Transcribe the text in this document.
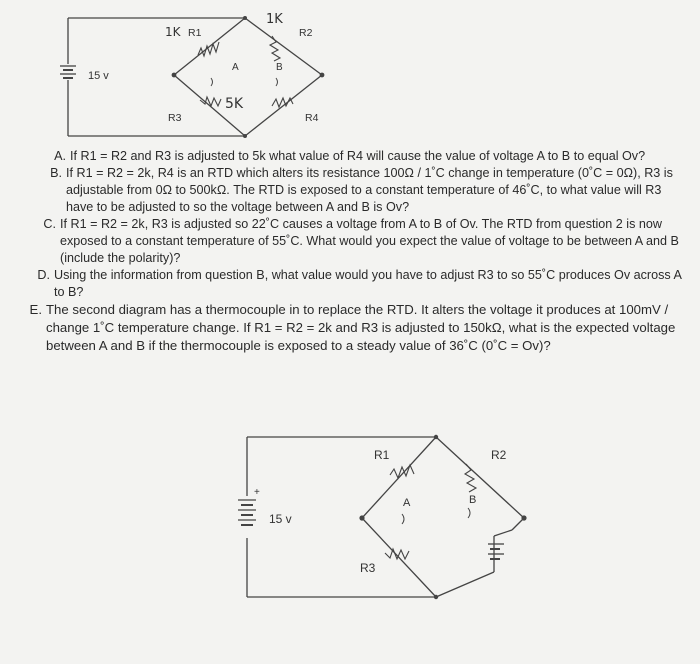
15 v
1K R1
1K
R2
A	B
R3
5K
R4
+
15 v
R1	R2
A	B
R3
A. If R1 = R2 and R3 is adjusted to 5k what value of R4 will cause the value of voltage A to B to equal Ov?
B. If R1 = R2 = 2k, R4 is an RTD which alters its resistance 100Ω / 1˚C change in temperature (0˚C = 0Ω), R3 is adjustable from 0Ω to 500kΩ. The RTD is exposed to a constant temperature of 46˚C, to what value will R3 have to be adjusted to so the voltage between A and B is Ov?
C. If R1 = R2 = 2k, R3 is adjusted so 22˚C causes a voltage from A to B of Ov. The RTD from question 2 is now exposed to a constant temperature of 55˚C. What would you expect the value of voltage to be between A and B (include the polarity)?
D. Using the information from question B, what value would you have to adjust R3 to so 55˚C produces Ov across A to B?
E. The second diagram has a thermocouple in to replace the RTD. It alters the voltage it produces at 100mV / change 1˚C temperature change. If R1 = R2 = 2k and R3 is adjusted to 150kΩ, what is the expected voltage between A and B if the thermocouple is exposed to a steady value of 36˚C (0˚C = Ov)?
